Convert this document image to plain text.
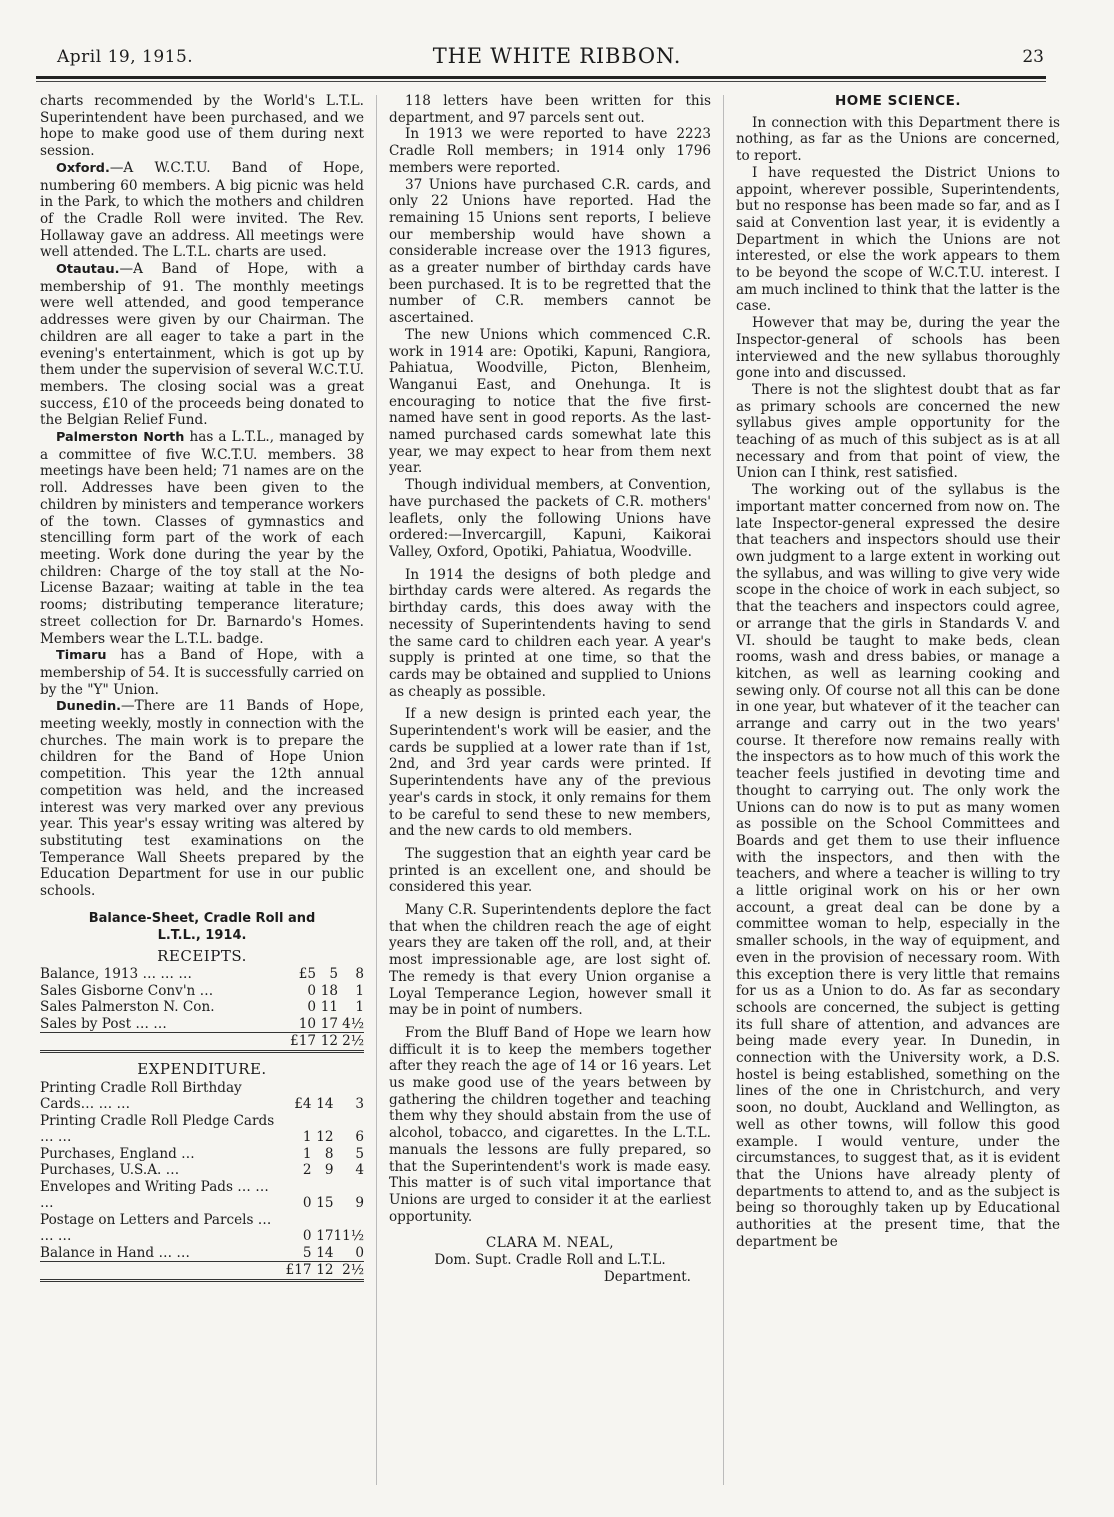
April 19, 1915.	THE WHITE RIBBON.	23

charts recommended by the World's L.T.L. Superintendent have been purchased, and we hope to make good use of them during next session.

Oxford.—A W.C.T.U. Band of Hope, numbering 60 members. A big picnic was held in the Park, to which the mothers and children of the Cradle Roll were invited. The Rev. Hollaway gave an address. All meetings were well attended. The L.T.L. charts are used.

Otautau.—A Band of Hope, with a membership of 91. The monthly meetings were well attended, and good temperance addresses were given by our Chairman. The children are all eager to take a part in the evening's entertainment, which is got up by them under the supervision of several W.C.T.U. members. The closing social was a great success, £10 of the proceeds being donated to the Belgian Relief Fund.

Palmerston North has a L.T.L., managed by a committee of five W.C.T.U. members. 38 meetings have been held; 71 names are on the roll. Addresses have been given to the children by ministers and temperance workers of the town. Classes of gymnastics and stencilling form part of the work of each meeting. Work done during the year by the children: Charge of the toy stall at the No-License Bazaar; waiting at table in the tea rooms; distributing temperance literature; street collection for Dr. Barnardo's Homes. Members wear the L.T.L. badge.

Timaru has a Band of Hope, with a membership of 54. It is successfully carried on by the "Y" Union.

Dunedin.—There are 11 Bands of Hope, meeting weekly, mostly in connection with the churches. The main work is to prepare the children for the Band of Hope Union competition. This year the 12th annual competition was held, and the increased interest was very marked over any previous year. This year's essay writing was altered by substituting test examinations on the Temperance Wall Sheets prepared by the Education Department for use in our public schools.

Balance-Sheet, Cradle Roll and
L.T.L., 1914.
RECEIPTS.
Balance, 1913 … … …	£5	5	8
Sales Gisborne Conv'n …	0	18	1
Sales Palmerston N. Con.	0	11	1
Sales by Post … …	10	17	4½

	£17	12	2½
EXPENDITURE.
Printing Cradle Roll Birthday Cards… … …	£4	14	3
Printing Cradle Roll Pledge Cards … …	1	12	6
Purchases, England …	1	8	5
Purchases, U.S.A. …	2	9	4
Envelopes and Writing Pads … … …	0	15	9
Postage on Letters and Parcels … … …	0	17	11½
Balance in Hand … …	5	14	0

	£17	12	2½

118 letters have been written for this department, and 97 parcels sent out.

In 1913 we were reported to have 2223 Cradle Roll members; in 1914 only 1796 members were reported.

37 Unions have purchased C.R. cards, and only 22 Unions have reported. Had the remaining 15 Unions sent reports, I believe our membership would have shown a considerable increase over the 1913 figures, as a greater number of birthday cards have been purchased. It is to be regretted that the number of C.R. members cannot be ascertained.

The new Unions which commenced C.R. work in 1914 are: Opotiki, Kapuni, Rangiora, Pahiatua, Woodville, Picton, Blenheim, Wanganui East, and Onehunga. It is encouraging to notice that the five first-named have sent in good reports. As the last-named purchased cards somewhat late this year, we may expect to hear from them next year.

Though individual members, at Convention, have purchased the packets of C.R. mothers' leaflets, only the following Unions have ordered:—Invercargill, Kapuni, Kaikorai Valley, Oxford, Opotiki, Pahiatua, Woodville.

In 1914 the designs of both pledge and birthday cards were altered. As regards the birthday cards, this does away with the necessity of Superintendents having to send the same card to children each year. A year's supply is printed at one time, so that the cards may be obtained and supplied to Unions as cheaply as possible.

If a new design is printed each year, the Superintendent's work will be easier, and the cards be supplied at a lower rate than if 1st, 2nd, and 3rd year cards were printed. If Superintendents have any of the previous year's cards in stock, it only remains for them to be careful to send these to new members, and the new cards to old members.

The suggestion that an eighth year card be printed is an excellent one, and should be considered this year.

Many C.R. Superintendents deplore the fact that when the children reach the age of eight years they are taken off the roll, and, at their most impressionable age, are lost sight of. The remedy is that every Union organise a Loyal Temperance Legion, however small it may be in point of numbers.

From the Bluff Band of Hope we learn how difficult it is to keep the members together after they reach the age of 14 or 16 years. Let us make good use of the years between by gathering the children together and teaching them why they should abstain from the use of alcohol, tobacco, and cigarettes. In the L.T.L. manuals the lessons are fully prepared, so that the Superintendent's work is made easy. This matter is of such vital importance that Unions are urged to consider it at the earliest opportunity.

CLARA M. NEAL,
Dom. Supt. Cradle Roll and L.T.L.
Department.
HOME SCIENCE.

In connection with this Department there is nothing, as far as the Unions are concerned, to report.

I have requested the District Unions to appoint, wherever possible, Superintendents, but no response has been made so far, and as I said at Convention last year, it is evidently a Department in which the Unions are not interested, or else the work appears to them to be beyond the scope of W.C.T.U. interest. I am much inclined to think that the latter is the case.

However that may be, during the year the Inspector-general of schools has been interviewed and the new syllabus thoroughly gone into and discussed.

There is not the slightest doubt that as far as primary schools are concerned the new syllabus gives ample opportunity for the teaching of as much of this subject as is at all necessary and from that point of view, the Union can I think, rest satisfied.

The working out of the syllabus is the important matter concerned from now on. The late Inspector-general expressed the desire that teachers and inspectors should use their own judgment to a large extent in working out the syllabus, and was willing to give very wide scope in the choice of work in each subject, so that the teachers and inspectors could agree, or arrange that the girls in Standards V. and VI. should be taught to make beds, clean rooms, wash and dress babies, or manage a kitchen, as well as learning cooking and sewing only. Of course not all this can be done in one year, but whatever of it the teacher can arrange and carry out in the two years' course. It therefore now remains really with the inspectors as to how much of this work the teacher feels justified in devoting time and thought to carrying out. The only work the Unions can do now is to put as many women as possible on the School Committees and Boards and get them to use their influence with the inspectors, and then with the teachers, and where a teacher is willing to try a little original work on his or her own account, a great deal can be done by a committee woman to help, especially in the smaller schools, in the way of equipment, and even in the provision of necessary room. With this exception there is very little that remains for us as a Union to do. As far as secondary schools are concerned, the subject is getting its full share of attention, and advances are being made every year. In Dunedin, in connection with the University work, a D.S. hostel is being established, something on the lines of the one in Christchurch, and very soon, no doubt, Auckland and Wellington, as well as other towns, will follow this good example. I would venture, under the circumstances, to suggest that, as it is evident that the Unions have already plenty of departments to attend to, and as the subject is being so thoroughly taken up by Educational authorities at the present time, that the department be
